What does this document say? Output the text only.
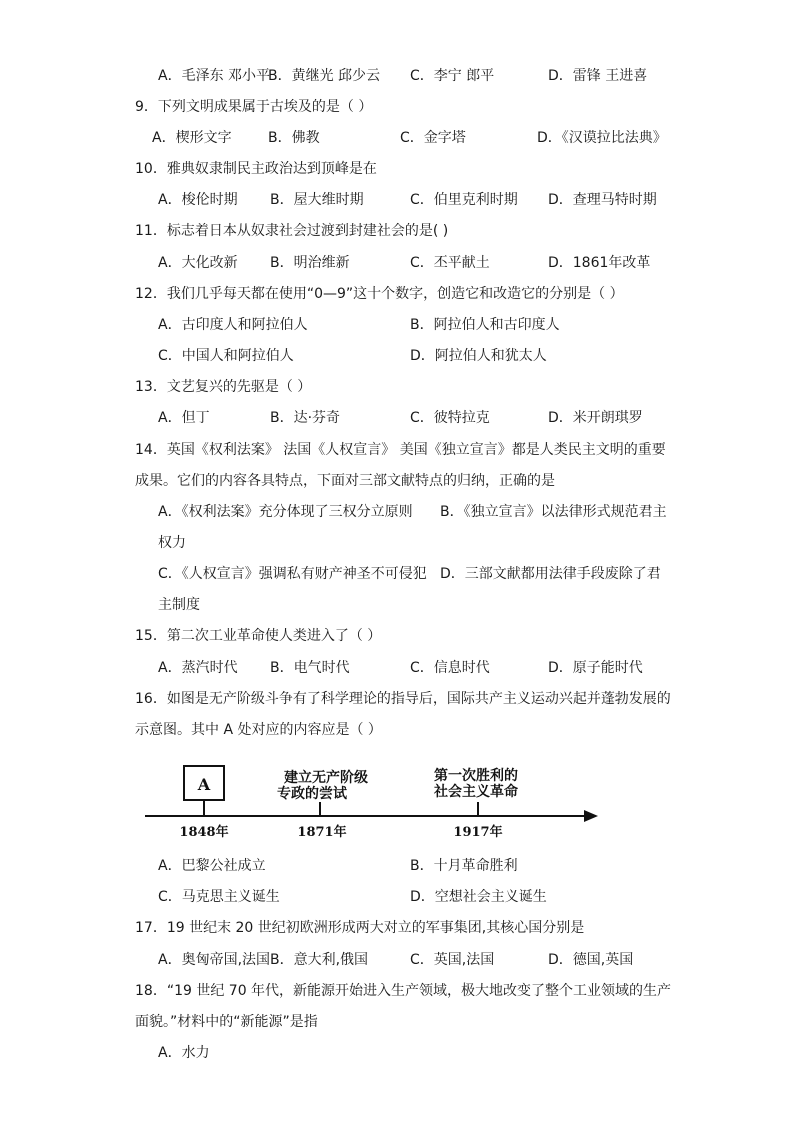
A．毛泽东 邓小平
B．黄继光 邱少云 C．李宁 郎平	D．雷锋 王进喜
9．下列文明成果属于古埃及的是（ ）
A．楔形文字	B．佛教	C．金字塔	D．《汉谟拉比法典》
10．雅典奴隶制民主政治达到顶峰是在
A．梭伦时期 B．屋大维时期	C．伯里克利时期 D．查理马特时期
11．标志着日本从奴隶社会过渡到封建社会的是( )
A．大化改新 B．明治维新	C．丕平献土	D．1861年改革
12．我们几乎每天都在使用“0—9”这十个数字，创造它和改造它的分别是（ ）
A．古印度人和阿拉伯人	B．阿拉伯人和古印度人
C．中国人和阿拉伯人	D．阿拉伯人和犹太人
13．文艺复兴的先驱是（ ）
A．但丁	B．达·芬奇	C．彼特拉克	D．米开朗琪罗
14．英国《权利法案》 法国《人权宣言》 美国《独立宣言》都是人类民主文明的重要
成果。它们的内容各具特点，下面对三部文献特点的归纳，正确的是
A．《权利法案》充分体现了三权分立原则 B．《独立宣言》以法律形式规范君主
权力
C．《人权宣言》强调私有财产神圣不可侵犯 D．三部文献都用法律手段废除了君
主制度
15．第二次工业革命使人类进入了（ ）
A．蒸汽时代 B．电气时代	C．信息时代	D．原子能时代
16．如图是无产阶级斗争有了科学理论的指导后，国际共产主义运动兴起并蓬勃发展的
示意图。其中 A 处对应的内容应是（ ）
A	建立无产阶级
专政的尝试
第一次胜利的
社会主义革命
1848年	1871年	1917年
A．巴黎公社成立	B．十月革命胜利
C．马克思主义诞生	D．空想社会主义诞生
17．19 世纪末 20 世纪初欧洲形成两大对立的军事集团,其核心国分别是
A．奥匈帝国,法国 B．意大利,俄国	C．英国,法国	D．德国,英国
18．“19 世纪 70 年代，新能源开始进入生产领域，极大地改变了整个工业领域的生产
面貌。”材料中的“新能源”是指
A．水力
